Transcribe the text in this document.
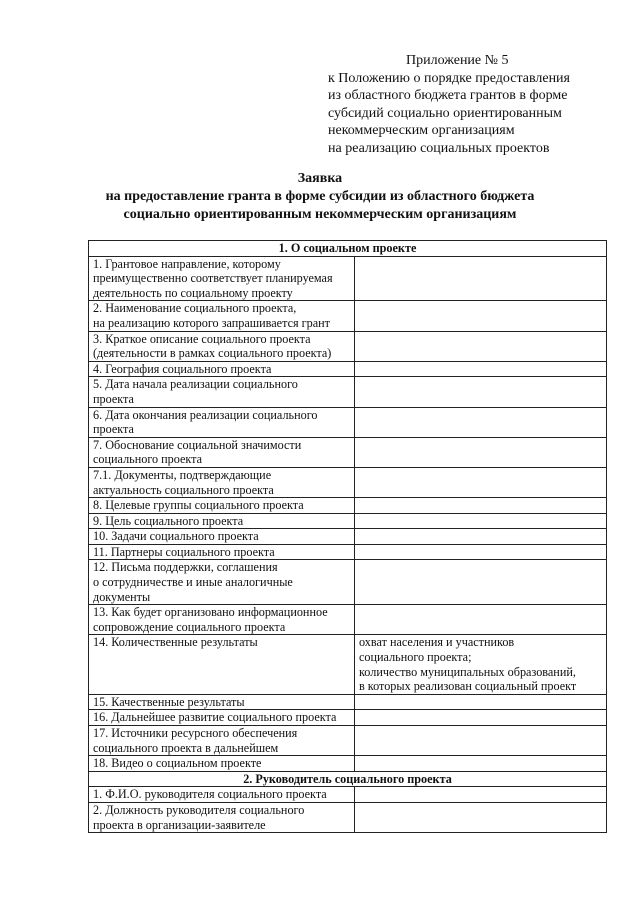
Приложение № 5
к Положению о порядке предоставления
из областного бюджета грантов в форме
субсидий социально ориентированным
некоммерческим организациям
на реализацию социальных проектов
Заявка
на предоставление гранта в форме субсидии из областного бюджета
социально ориентированным некоммерческим организациям
1. О социальном проекте	

1. Грантовое направление, которому
преимущественно соответствует планируемая
деятельность по социальному проекту	

2. Наименование социального проекта,
на реализацию которого запрашивается грант	

3. Краткое описание социального проекта
(деятельности в рамках социального проекта)	

4. География социального проекта	

5. Дата начала реализации социального
проекта	

6. Дата окончания реализации социального
проекта	

7. Обоснование социальной значимости
социального проекта	

7.1. Документы, подтверждающие
актуальность социального проекта	

8. Целевые группы социального проекта	

9. Цель социального проекта	

10. Задачи социального проекта	

11. Партнеры социального проекта	

12. Письма поддержки, соглашения
о сотрудничестве и иные аналогичные
документы	

13. Как будет организовано информационное
сопровождение социального проекта	

14. Количественные результаты	охват населения и участников
социального проекта;
количество муниципальных образований,
в которых реализован социальный проект

15. Качественные результаты	

16. Дальнейшее развитие социального проекта	

17. Источники ресурсного обеспечения
социального проекта в дальнейшем	

18. Видео о социальном проекте	

2. Руководитель социального проекта	

1. Ф.И.О. руководителя социального проекта	

2. Должность руководителя социального
проекта в организации-заявителе	
